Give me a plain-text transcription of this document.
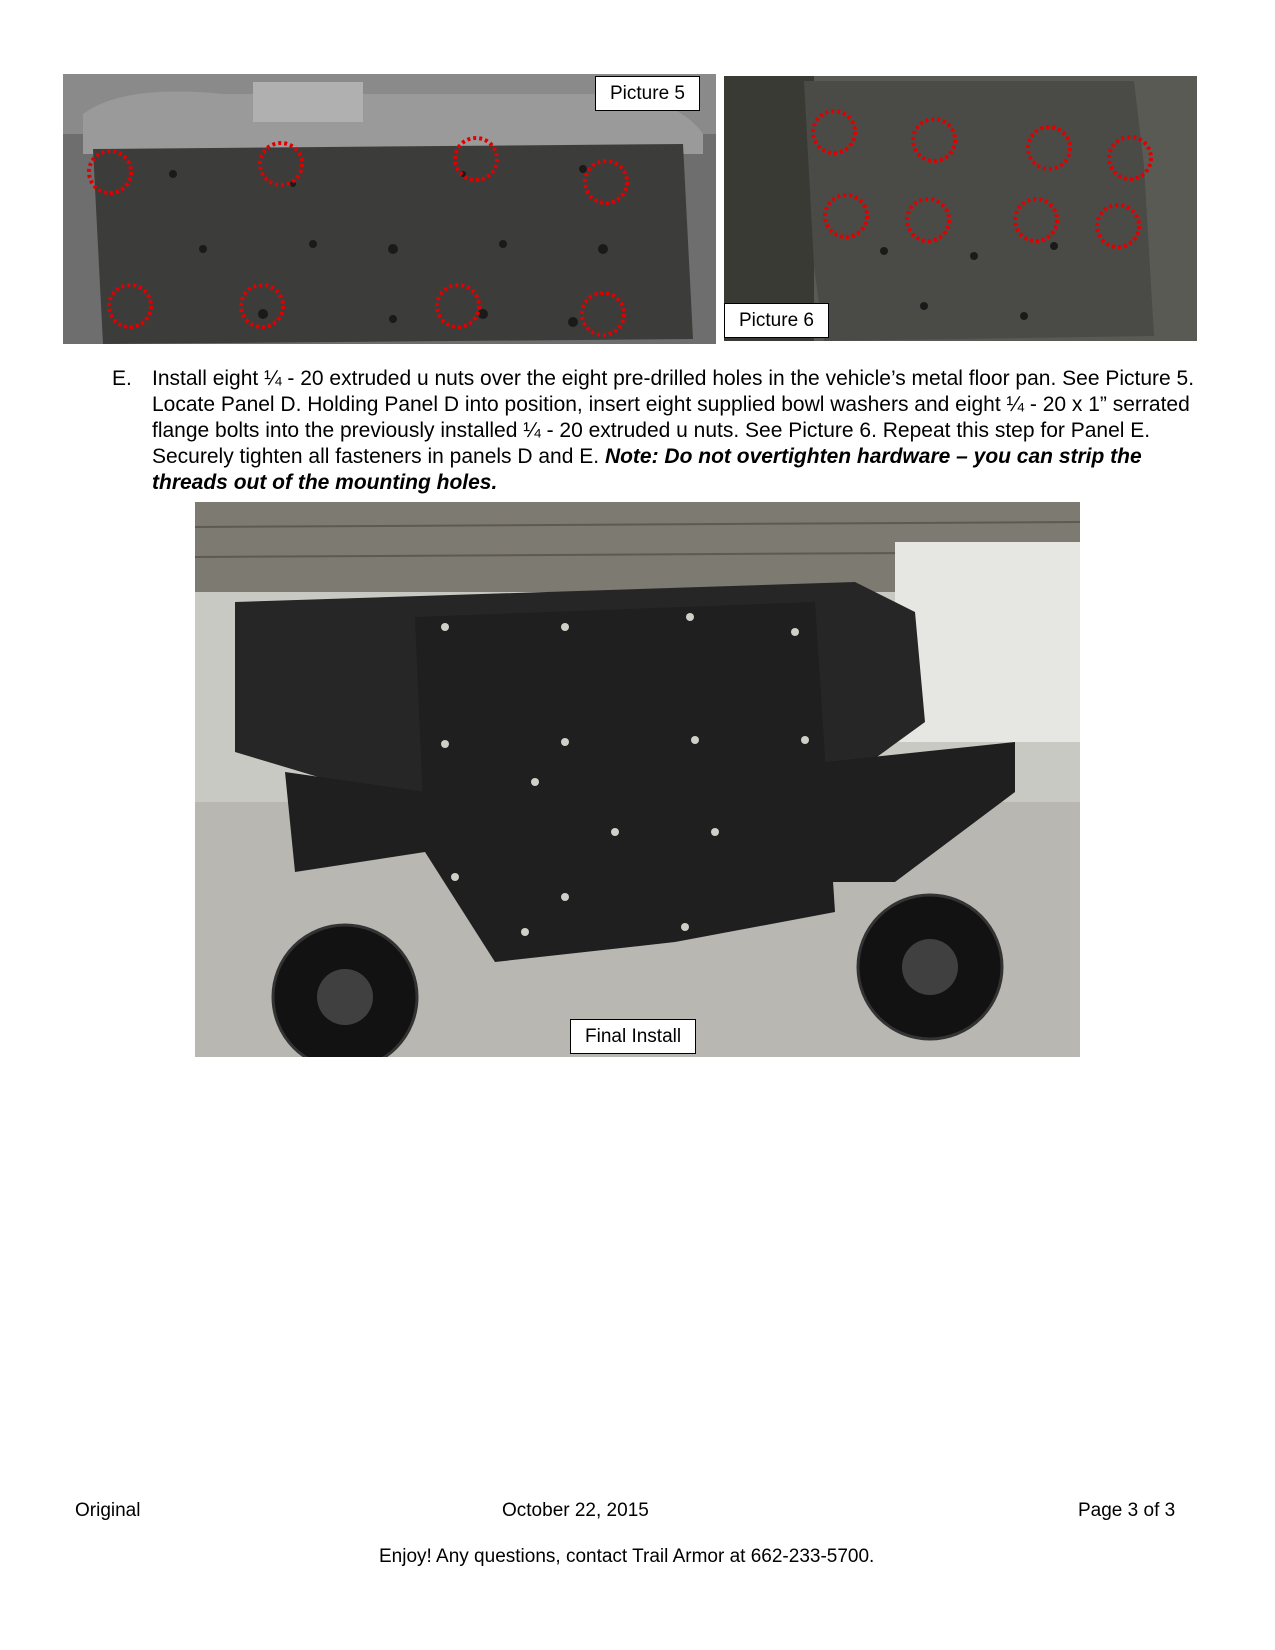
Picture 5
Picture 6
E. Install eight ¼ - 20 extruded u nuts over the eight pre-drilled holes in the vehicle’s metal floor pan. See Picture 5. Locate Panel D. Holding Panel D into position, insert eight supplied bowl washers and eight ¼ - 20 x 1” serrated flange bolts into the previously installed ¼ - 20 extruded u nuts. See Picture 6. Repeat this step for Panel E. Securely tighten all fasteners in panels D and E. Note: Do not overtighten hardware – you can strip the threads out of the mounting holes.
Final Install
Original	October 22, 2015	Page 3 of 3
Enjoy! Any questions, contact Trail Armor at 662-233-5700.
